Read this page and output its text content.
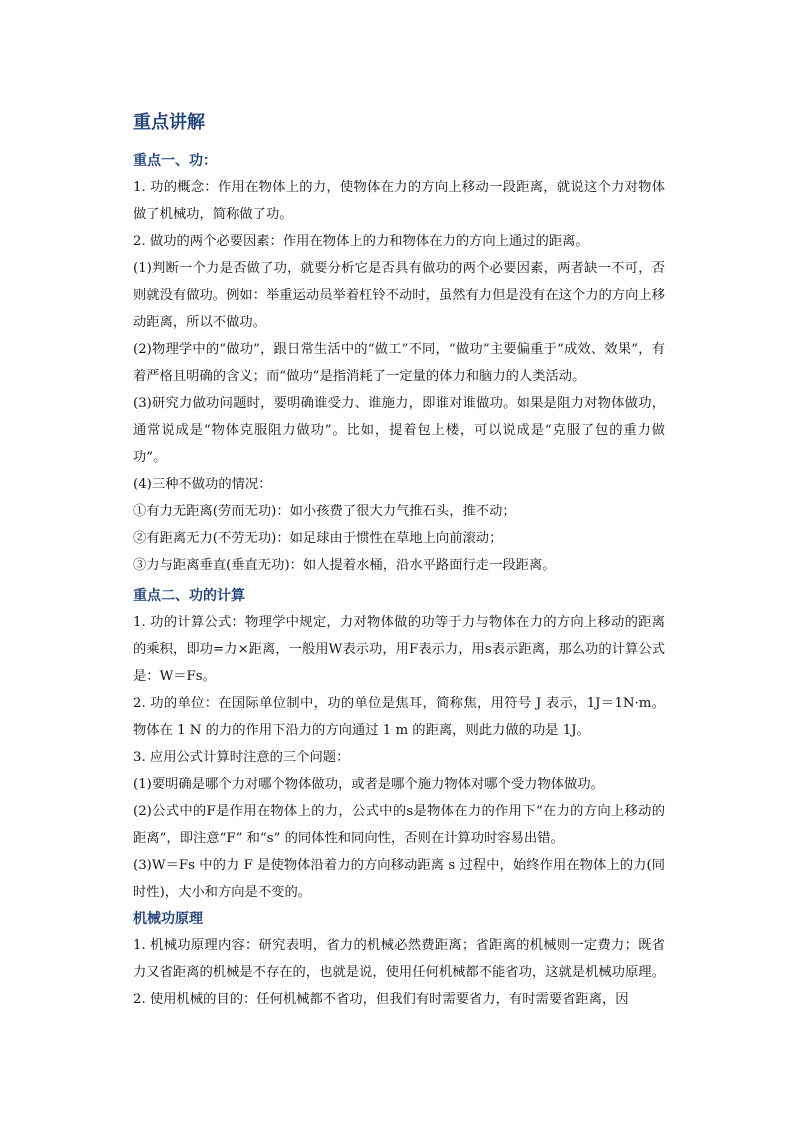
重点讲解
重点一、功：

1. 功的概念：作用在物体上的力，使物体在力的方向上移动一段距离，就说这个力对物体做了机械功，简称做了功。

2. 做功的两个必要因素：作用在物体上的力和物体在力的方向上通过的距离。

(1)判断一个力是否做了功，就要分析它是否具有做功的两个必要因素，两者缺一不可，否则就没有做功。例如：举重运动员举着杠铃不动时，虽然有力但是没有在这个力的方向上移动距离，所以不做功。

(2)物理学中的“做功”，跟日常生活中的“做工”不同，“做功”主要偏重于“成效、效果”，有着严格且明确的含义；而“做功”是指消耗了一定量的体力和脑力的人类活动。

(3)研究力做功问题时，要明确谁受力、谁施力，即谁对谁做功。如果是阻力对物体做功，通常说成是“物体克服阻力做功”。比如，提着包上楼，可以说成是“克服了包的重力做功”。

(4)三种不做功的情况：

①有力无距离(劳而无功)：如小孩费了很大力气推石头，推不动；

②有距离无力(不劳无功)：如足球由于惯性在草地上向前滚动；

③力与距离垂直(垂直无功)：如人提着水桶，沿水平路面行走一段距离。

重点二、功的计算

1. 功的计算公式：物理学中规定，力对物体做的功等于力与物体在力的方向上移动的距离的乘积，即功=力×距离，一般用W表示功，用F表示力，用s表示距离，那么功的计算公式是：W＝Fs。

2. 功的单位：在国际单位制中，功的单位是焦耳，简称焦，用符号 J 表示，1J＝1N·m。物体在 1 N 的力的作用下沿力的方向通过 1 m 的距离，则此力做的功是 1J。

3. 应用公式计算时注意的三个问题：

(1)要明确是哪个力对哪个物体做功，或者是哪个施力物体对哪个受力物体做功。

(2)公式中的F是作用在物体上的力，公式中的s是物体在力的作用下“在力的方向上移动的距离”，即注意“F” 和“s” 的同体性和同向性，否则在计算功时容易出错。

(3)W＝Fs 中的力 F 是使物体沿着力的方向移动距离 s 过程中，始终作用在物体上的力(同时性)，大小和方向是不变的。

机械功原理

1. 机械功原理内容：研究表明，省力的机械必然费距离；省距离的机械则一定费力；既省力又省距离的机械是不存在的，也就是说，使用任何机械都不能省功，这就是机械功原理。

2. 使用机械的目的：任何机械都不省功，但我们有时需要省力，有时需要省距离，因
